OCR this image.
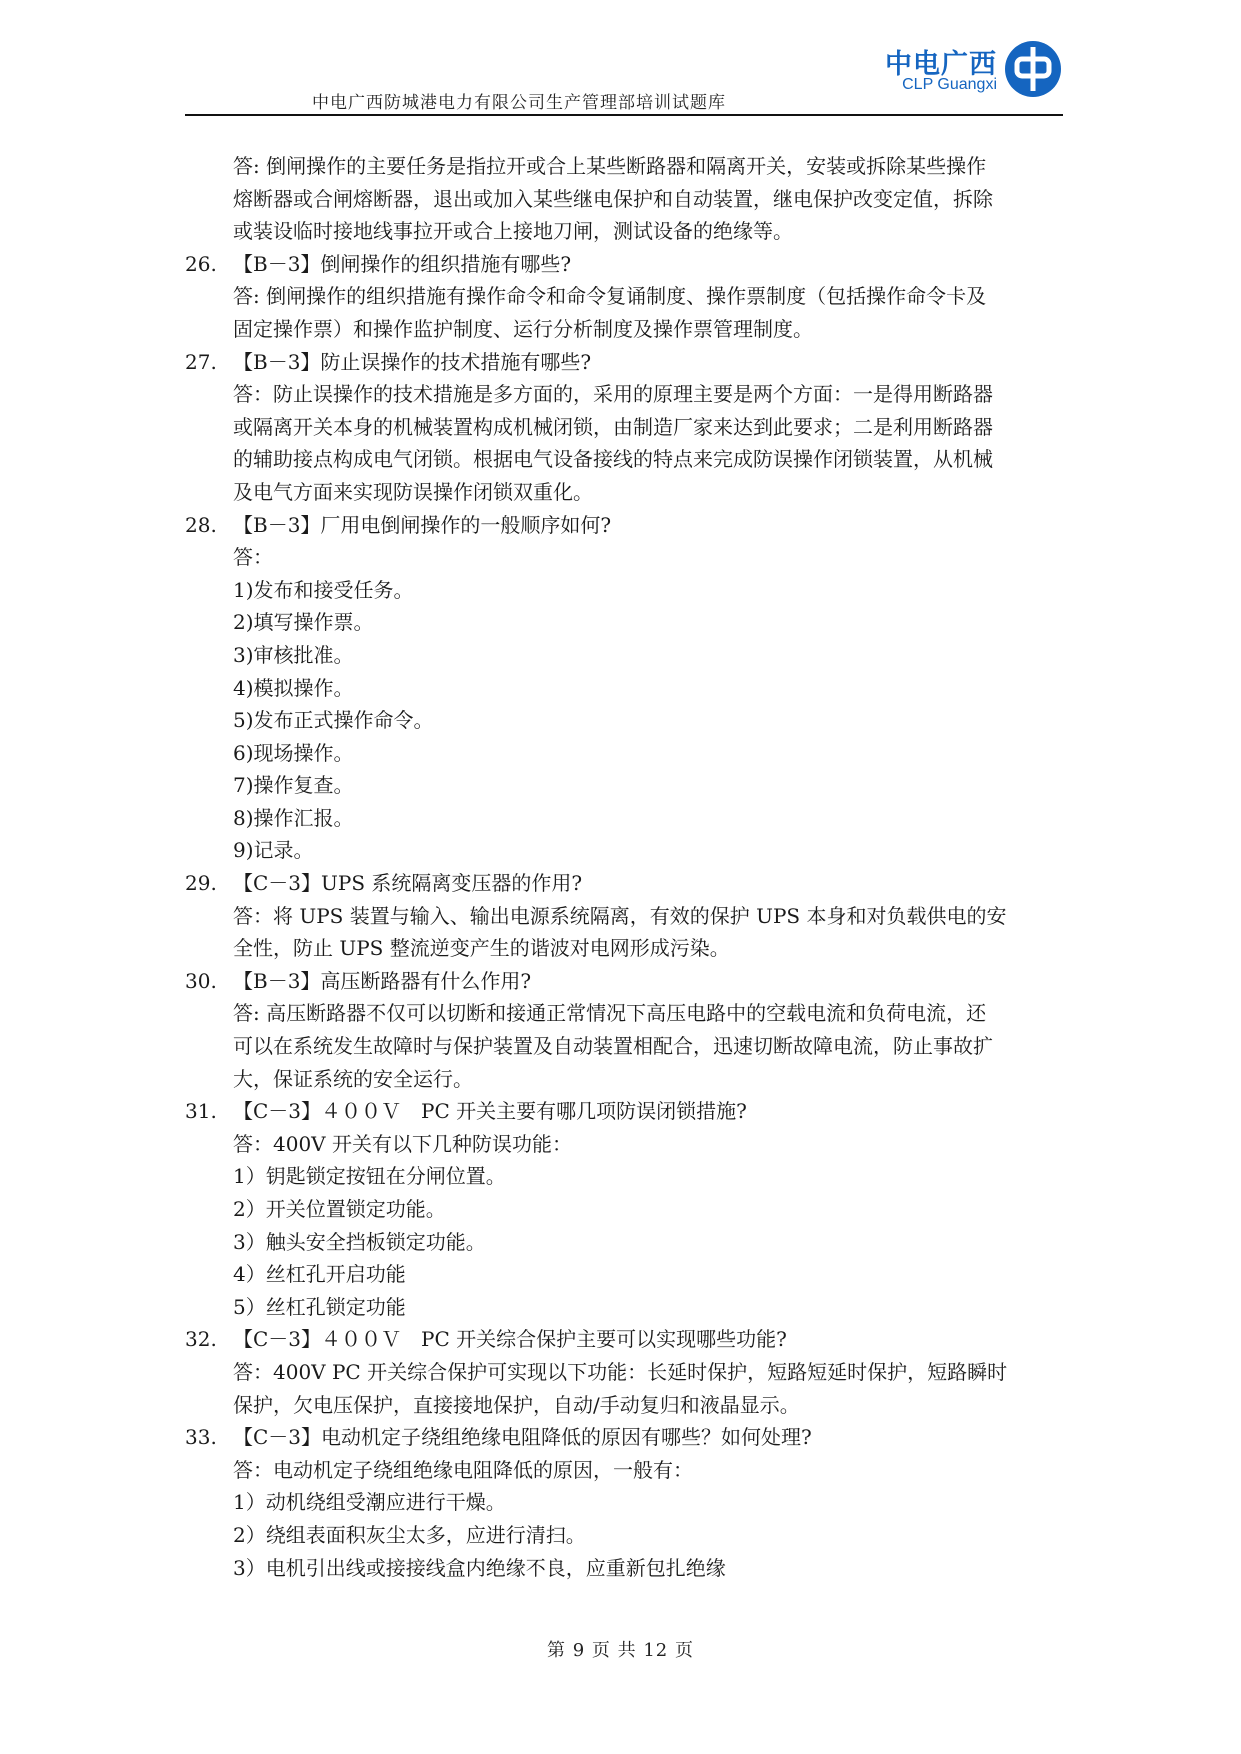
中电广西
CLP Guangxi
中电广西防城港电力有限公司生产管理部培训试题库
答: 倒闸操作的主要任务是指拉开或合上某些断路器和隔离开关，安装或拆除某些操作
熔断器或合闸熔断器，退出或加入某些继电保护和自动装置，继电保护改变定值，拆除
或装设临时接地线事拉开或合上接地刀闸，测试设备的绝缘等。
26. 【B－3】倒闸操作的组织措施有哪些?
答: 倒闸操作的组织措施有操作命令和命令复诵制度、操作票制度（包括操作命令卡及
固定操作票）和操作监护制度、运行分析制度及操作票管理制度。
27. 【B－3】防止误操作的技术措施有哪些?
答：防止误操作的技术措施是多方面的，采用的原理主要是两个方面：一是得用断路器
或隔离开关本身的机械装置构成机械闭锁，由制造厂家来达到此要求；二是利用断路器
的辅助接点构成电气闭锁。根据电气设备接线的特点来完成防误操作闭锁装置，从机械
及电气方面来实现防误操作闭锁双重化。
28. 【B－3】厂用电倒闸操作的一般顺序如何?
答：
1)发布和接受任务。
2)填写操作票。
3)审核批准。
4)模拟操作。
5)发布正式操作命令。
6)现场操作。
7)操作复查。
8)操作汇报。
9)记录。
29. 【C－3】UPS 系统隔离变压器的作用?
答：将 UPS 装置与输入、输出电源系统隔离，有效的保护 UPS 本身和对负载供电的安
全性，防止 UPS 整流逆变产生的谐波对电网形成污染。
30. 【B－3】高压断路器有什么作用?
答: 高压断路器不仅可以切断和接通正常情况下高压电路中的空载电流和负荷电流，还
可以在系统发生故障时与保护装置及自动装置相配合，迅速切断故障电流，防止事故扩
大，保证系统的安全运行。
31. 【C－3】４００Ｖ　PC 开关主要有哪几项防误闭锁措施?
答：400V 开关有以下几种防误功能：
1）钥匙锁定按钮在分闸位置。
2）开关位置锁定功能。
3）触头安全挡板锁定功能。
4）丝杠孔开启功能
5）丝杠孔锁定功能
32. 【C－3】４００Ｖ　PC 开关综合保护主要可以实现哪些功能?
答：400V PC 开关综合保护可实现以下功能：长延时保护，短路短延时保护，短路瞬时
保护，欠电压保护，直接接地保护，自动/手动复归和液晶显示。
33. 【C－3】电动机定子绕组绝缘电阻降低的原因有哪些？如何处理?
答：电动机定子绕组绝缘电阻降低的原因，一般有：
1）动机绕组受潮应进行干燥。
2）绕组表面积灰尘太多，应进行清扫。
3）电机引出线或接接线盒内绝缘不良，应重新包扎绝缘
第 9 页 共 12 页
